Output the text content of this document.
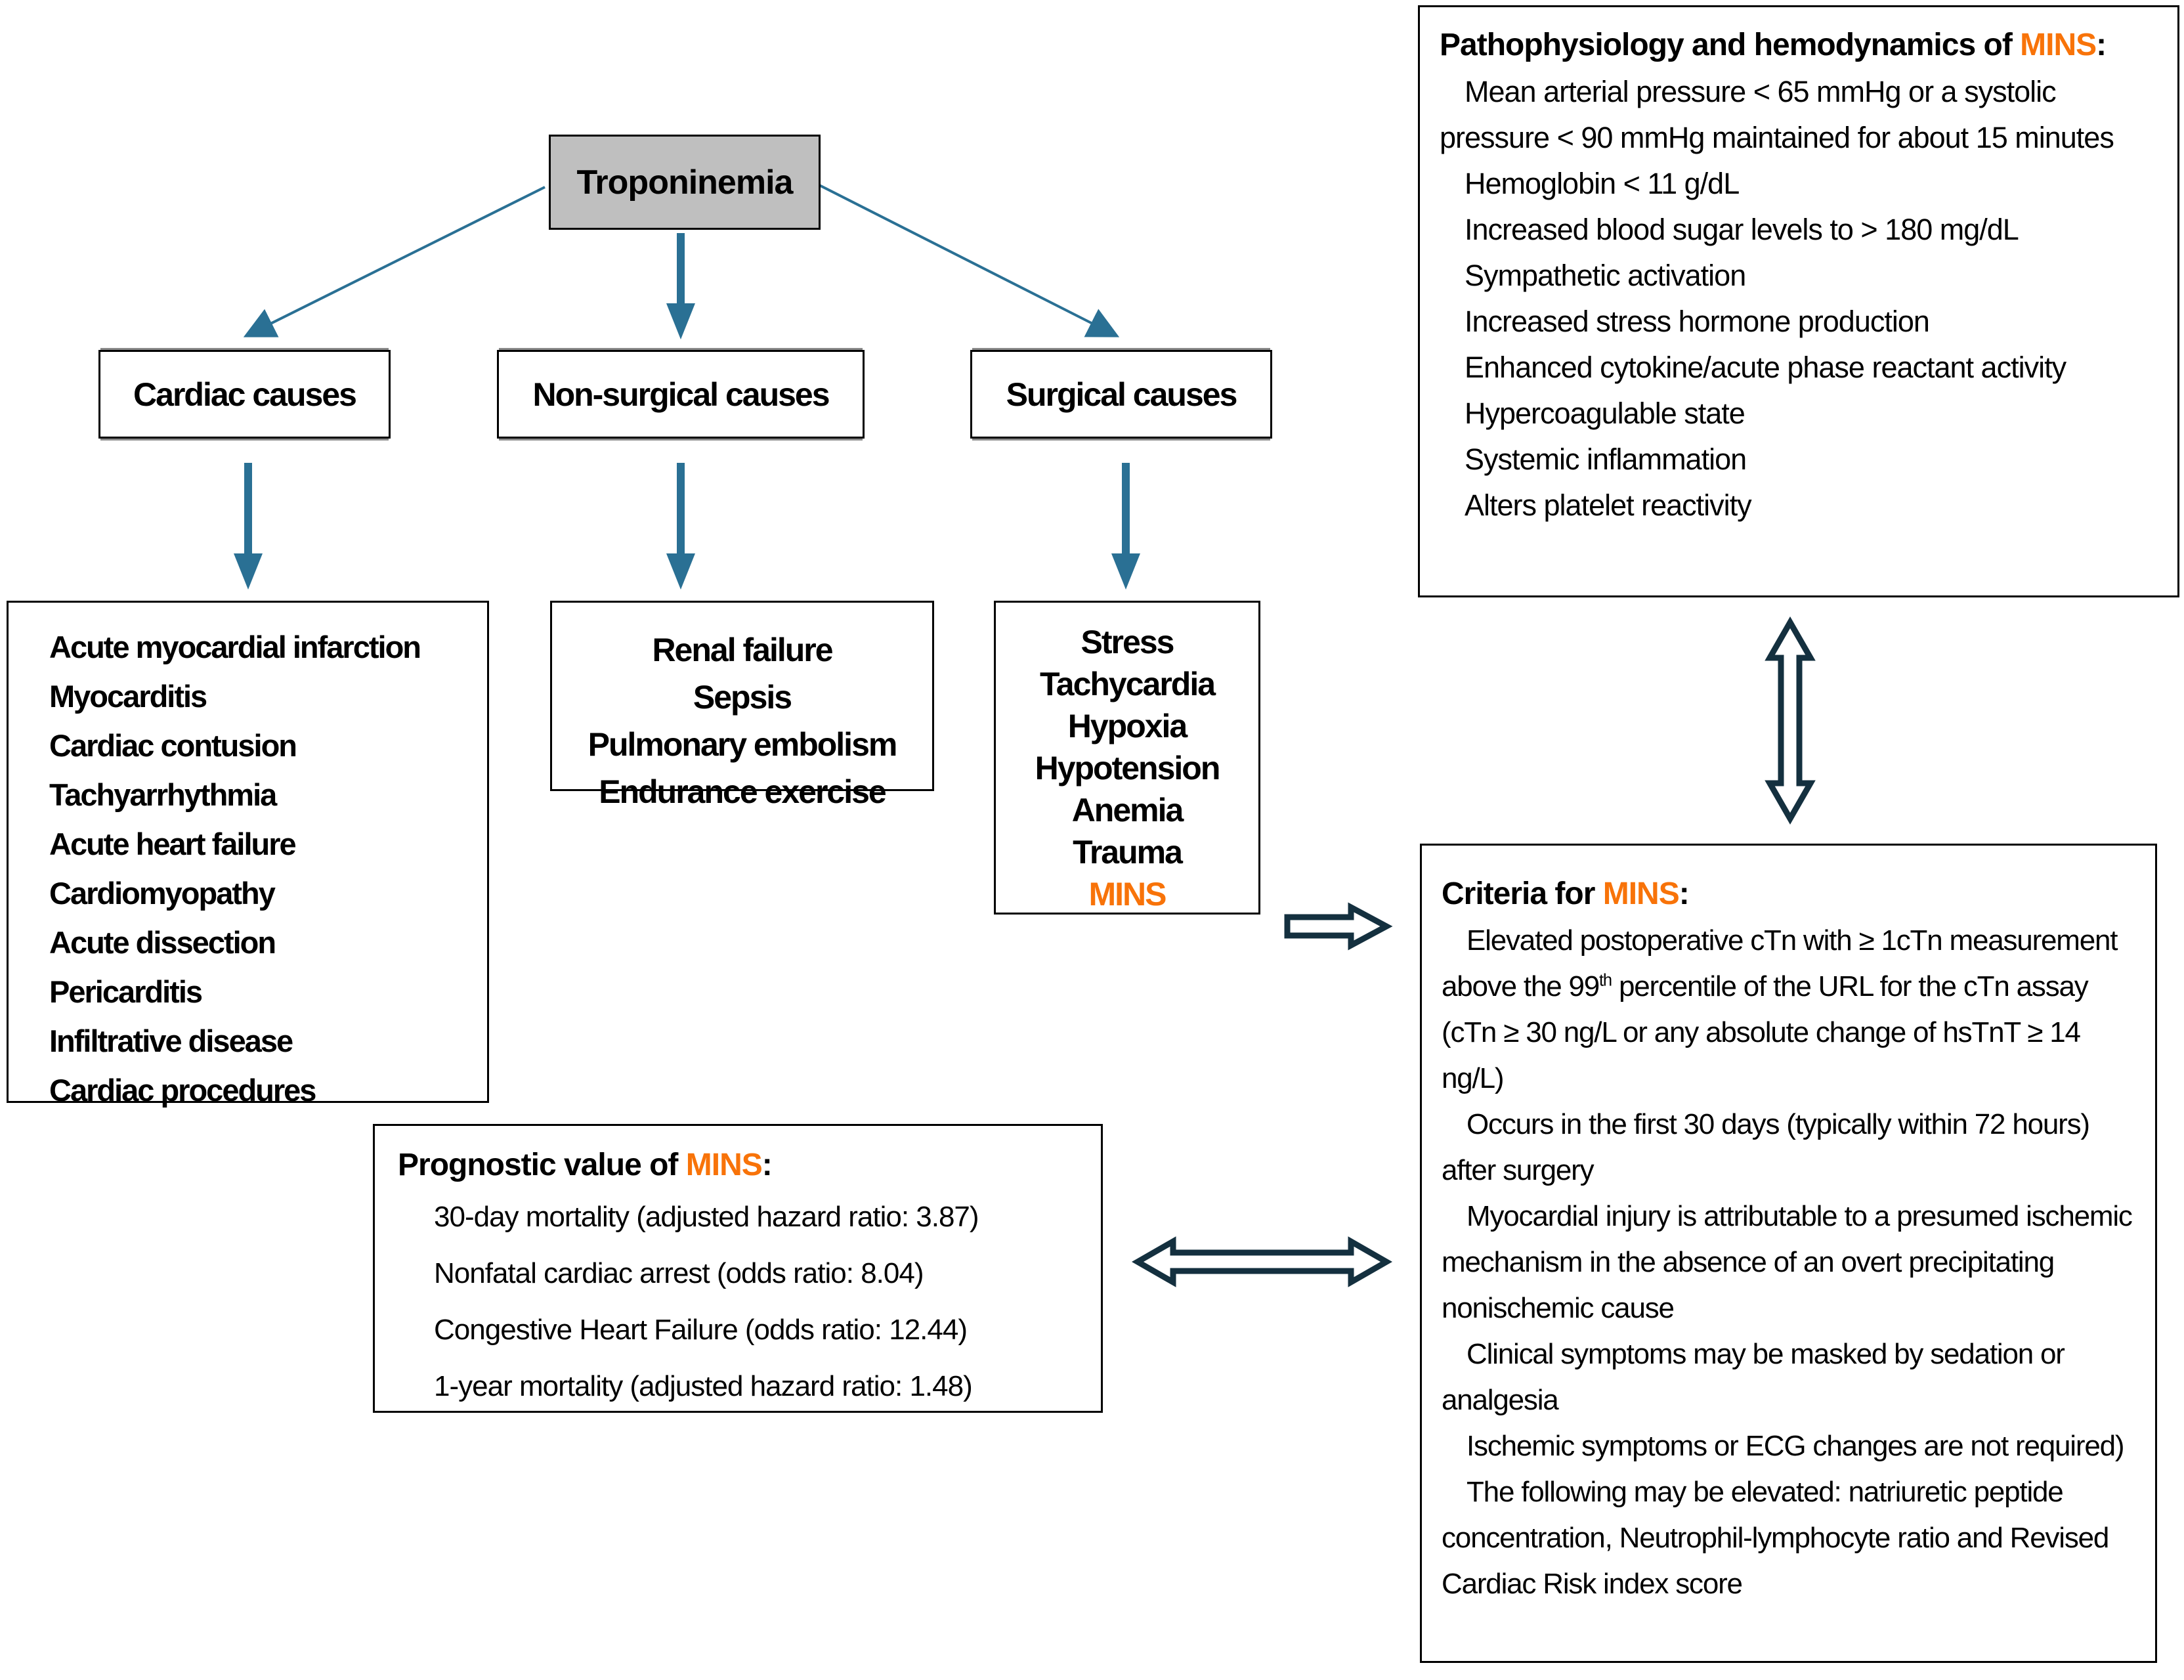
Troponinemia
Cardiac causes	Non-surgical causes	Surgical causes
Acute myocardial infarction
Myocarditis
Cardiac contusion
Tachyarrhythmia
Acute heart failure
Cardiomyopathy
Acute dissection
Pericarditis
Infiltrative disease
Cardiac procedures
Renal failure
Sepsis
Pulmonary embolism
Endurance exercise
Stress
Tachycardia
Hypoxia
Hypotension
Anemia
Trauma
MINS
Pathophysiology and hemodynamics of MINS:
Mean arterial pressure < 65 mmHg or a systolic pressure < 90 mmHg maintained for about 15 minutes
Hemoglobin < 11 g/dL
Increased blood sugar levels to > 180 mg/dL
Sympathetic activation
Increased stress hormone production
Enhanced cytokine/acute phase reactant activity
Hypercoagulable state
Systemic inflammation
Alters platelet reactivity
Criteria for MINS:
Elevated postoperative cTn with ≥ 1cTn measurement above the 99th percentile of the URL for the cTn assay (cTn ≥ 30 ng/L or any absolute change of hsTnT ≥ 14 ng/L)
Occurs in the first 30 days (typically within 72 hours) after surgery
Myocardial injury is attributable to a presumed ischemic mechanism in the absence of an overt precipitating nonischemic cause
Clinical symptoms may be masked by sedation or analgesia
Ischemic symptoms or ECG changes are not required)
The following may be elevated: natriuretic peptide concentration, Neutrophil-lymphocyte ratio and Revised Cardiac Risk index score
Prognostic value of MINS:
30-day mortality (adjusted hazard ratio: 3.87)
Nonfatal cardiac arrest (odds ratio: 8.04)
Congestive Heart Failure (odds ratio: 12.44)
1-year mortality (adjusted hazard ratio: 1.48)
